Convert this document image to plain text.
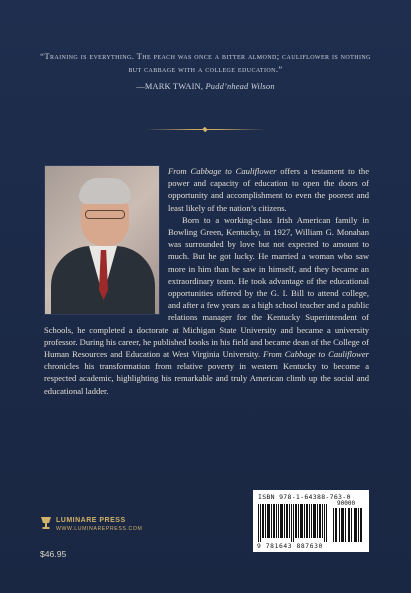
“Training is everything. The peach was once a bitter almond; cauliflower is nothing but cabbage with a college education.”
—MARK TWAIN, Pudd’nhead Wilson

From Cabbage to Cauliflower offers a testament to the power and capacity of education to open the doors of opportunity and accomplishment to even the poorest and least likely of the nation’s citizens.

Born to a working-class Irish American family in Bowling Green, Kentucky, in 1927, William G. Monahan was surrounded by love but not expected to amount to much. But he got lucky. He married a woman who saw more in him than he saw in himself, and they became an extraordinary team. He took advantage of the educational opportunities offered by the G. I. Bill to attend college, and after a few years as a high school teacher and a public relations manager for the Kentucky Superintendent of Schools, he completed a doctorate at Michigan State University and became a university professor. During his career, he published books in his field and became dean of the College of Human Resources and Education at West Virginia University. From Cabbage to Cauliflower chronicles his transformation from relative poverty in western Kentucky to become a respected academic, highlighting his remarkable and truly American climb up the social and educational ladder.

ISBN 978-1-64388-763-0
90000
9 781643 887630
LUMINARE PRESS
WWW.LUMINAREPRESS.COM
$46.95
